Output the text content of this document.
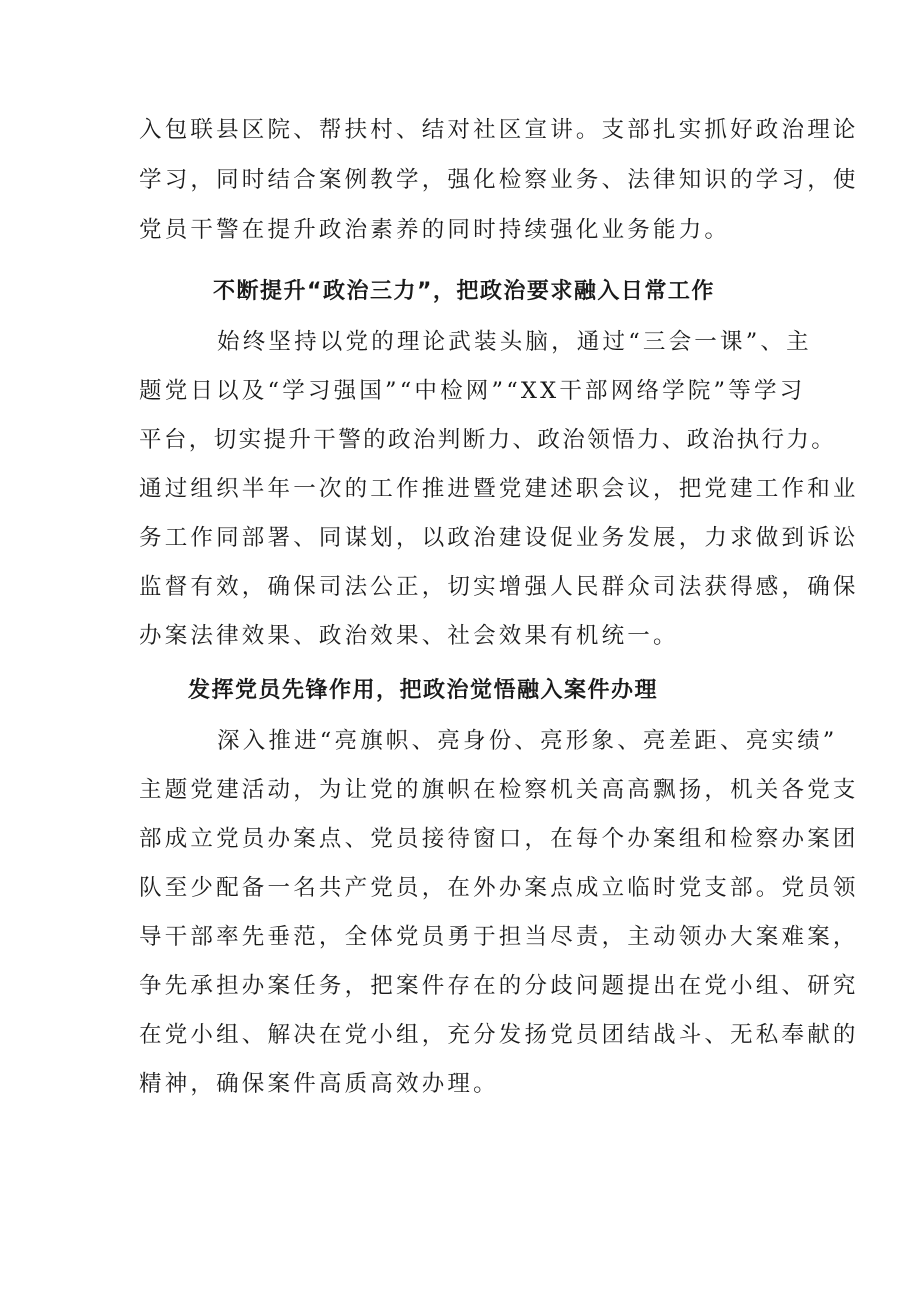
入包联县区院、帮扶村、结对社区宣讲。支部扎实抓好政治理论
学习，同时结合案例教学，强化检察业务、法律知识的学习，使
党员干警在提升政治素养的同时持续强化业务能力。
不断提升“政治三力”，把政治要求融入日常工作
始终坚持以党的理论武装头脑，通过“三会一课”、主
题党日以及“学习强国”“中检网”“XX干部网络学院”等学习
平台，切实提升干警的政治判断力、政治领悟力、政治执行力。
通过组织半年一次的工作推进暨党建述职会议，把党建工作和业
务工作同部署、同谋划，以政治建设促业务发展，力求做到诉讼
监督有效，确保司法公正，切实增强人民群众司法获得感，确保
办案法律效果、政治效果、社会效果有机统一。
发挥党员先锋作用，把政治觉悟融入案件办理
深入推进“亮旗帜、亮身份、亮形象、亮差距、亮实绩”
主题党建活动，为让党的旗帜在检察机关高高飘扬，机关各党支
部成立党员办案点、党员接待窗口，在每个办案组和检察办案团
队至少配备一名共产党员，在外办案点成立临时党支部。党员领
导干部率先垂范，全体党员勇于担当尽责，主动领办大案难案，
争先承担办案任务，把案件存在的分歧问题提出在党小组、研究
在党小组、解决在党小组，充分发扬党员团结战斗、无私奉献的
精神，确保案件高质高效办理。
